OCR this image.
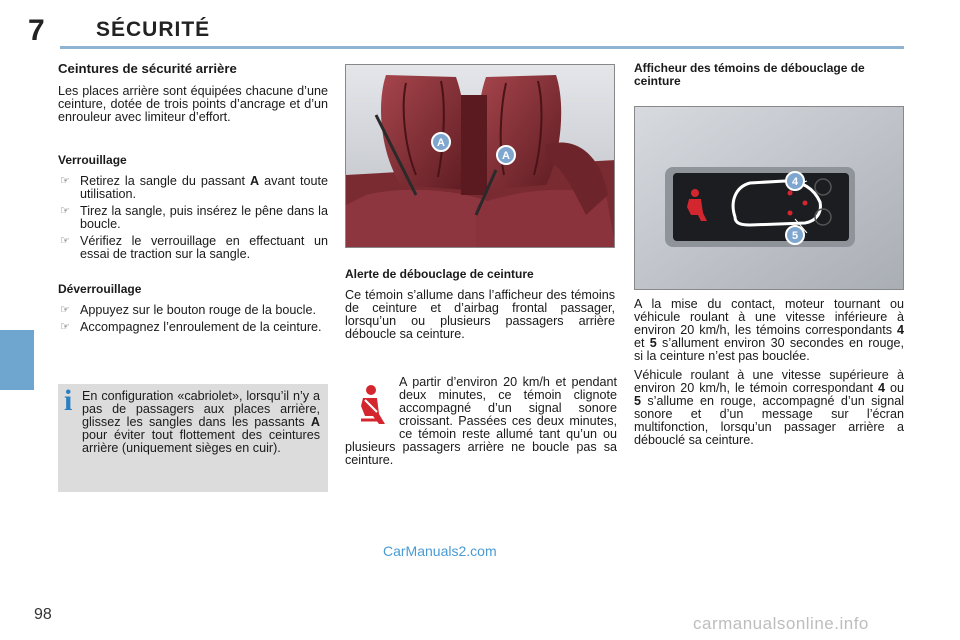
7 SÉCURITÉ
Ceintures de sécurité arrière

Les places arrière sont équipées chacune d’une ceinture, dotée de trois points d’ancrage et d’un enrouleur avec limiteur d’effort.

Verrouillage
☞ Retirez la sangle du passant A avant toute utilisation.
☞ Tirez la sangle, puis insérez le pêne dans la boucle.
☞ Vérifiez le verrouillage en effectuant un essai de traction sur la sangle.
Déverrouillage
☞ Appuyez sur le bouton rouge de la boucle.
☞ Accompagnez l’enroulement de la ceinture.
i En configuration «cabriolet», lorsqu’il n’y a pas de passagers aux places arrière, glissez les sangles dans les passants A pour éviter tout flottement des ceintures arrière (uniquement sièges en cuir).

A
A
Alerte de débouclage de ceinture

Ce témoin s’allume dans l’afficheur des témoins de ceinture et d’airbag frontal passager, lorsqu’un ou plusieurs passagers arrière déboucle sa ceinture.

A partir d’environ 20 km/h et pendant deux minutes, ce témoin clignote accompagné d’un signal sonore croissant. Passées ces deux minutes, ce témoin reste allumé tant qu’un ou plusieurs passagers arrière ne boucle pas sa ceinture.

Afficheur des témoins de débouclage de ceinture
4
5

A la mise du contact, moteur tournant ou véhicule roulant à une vitesse inférieure à environ 20 km/h, les témoins correspondants 4 et 5 s’allument environ 30 secondes en rouge, si la ceinture n’est pas bouclée.

Véhicule roulant à une vitesse supérieure à environ 20 km/h, le témoin correspondant 4 ou 5 s’allume en rouge, accompagné d’un signal sonore et d’un message sur l’écran multifonction, lorsqu’un passager arrière a débouclé sa ceinture.

CarManuals2.com
98	carmanualsonline.info
